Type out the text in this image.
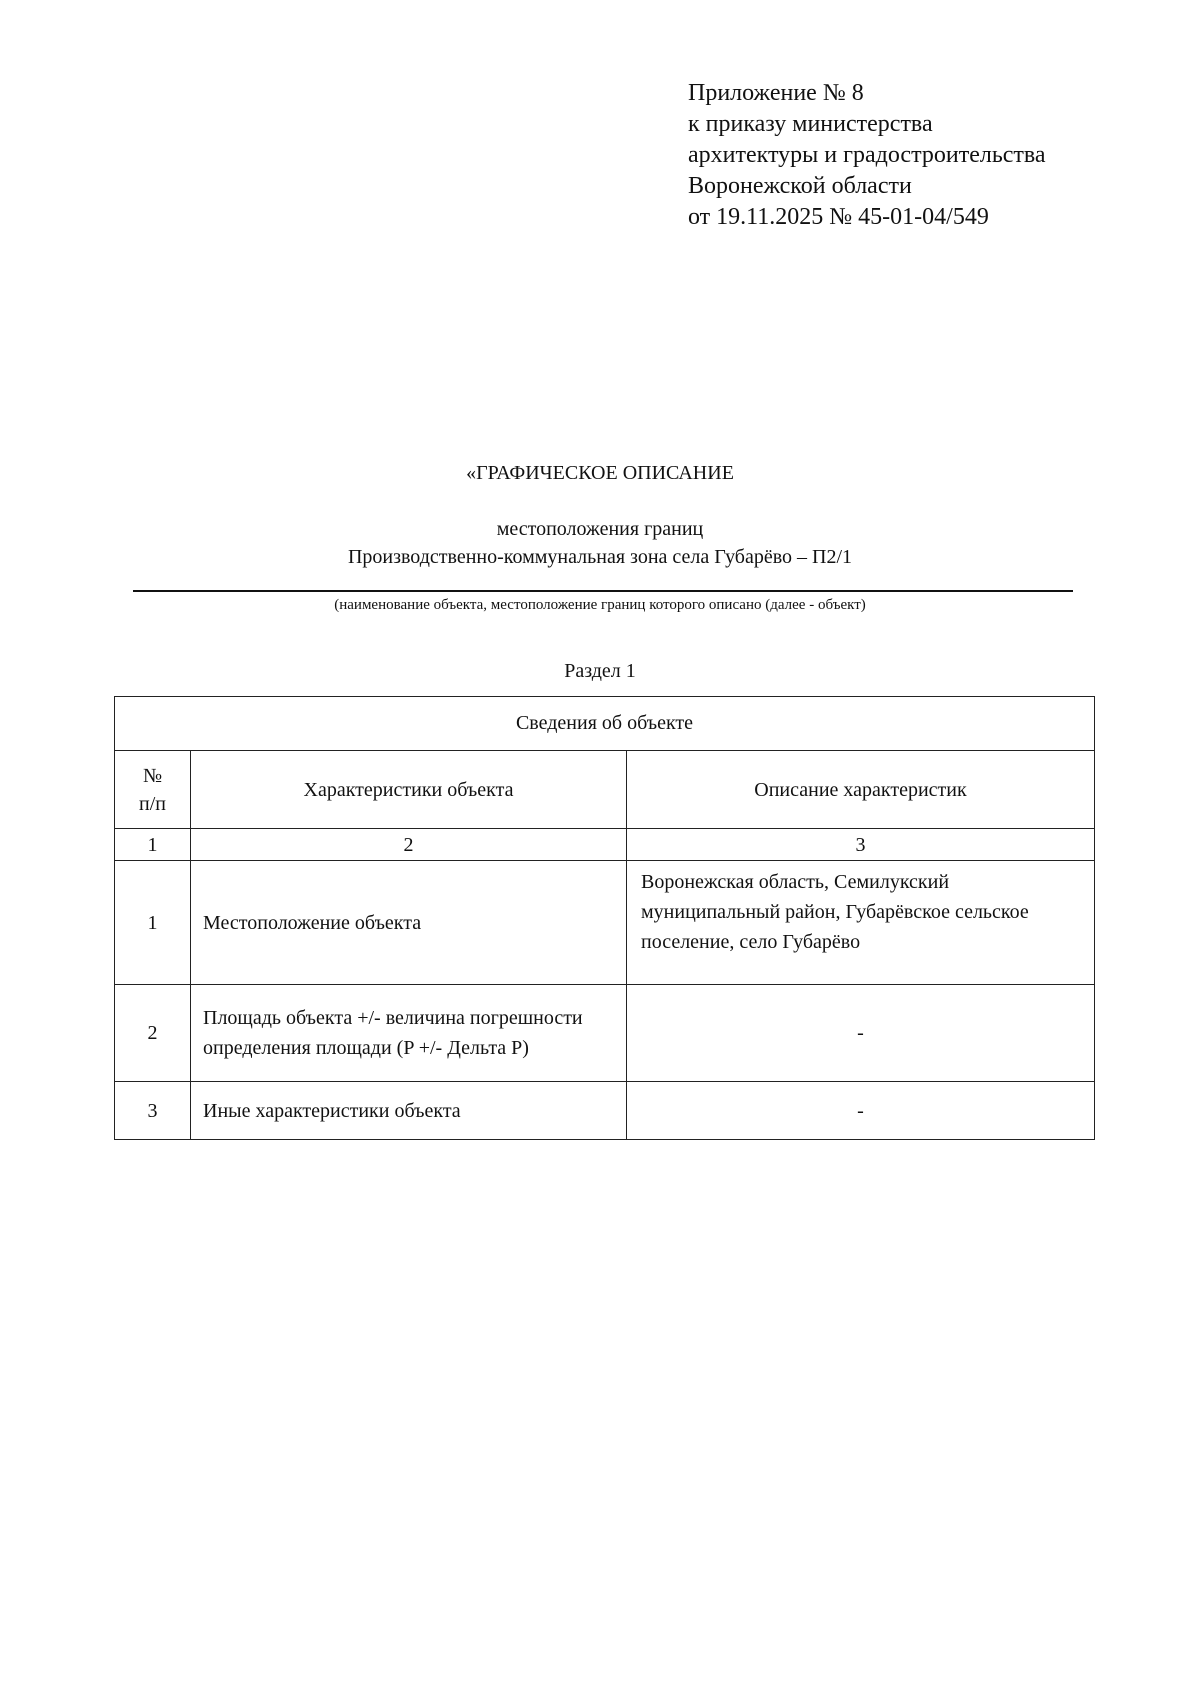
Приложение № 8
к приказу министерства
архитектуры и градостроительства
Воронежской области
от 19.11.2025 № 45-01-04/549
«ГРАФИЧЕСКОЕ ОПИСАНИЕ
местоположения границ
Производственно-коммунальная зона села Губарёво – П2/1
(наименование объекта, местоположение границ которого описано (далее - объект)
Раздел 1
Сведения об объекте		
№
п/п	Характеристики объекта	Описание характеристик
1	2	3
1	Местоположение объекта	Воронежская область, Семилукский муниципальный район, Губарёвское сельское поселение, село Губарёво
2	Площадь объекта +/- величина погрешности определения площади (P +/- Дельта P)	-
3	Иные характеристики объекта	-
